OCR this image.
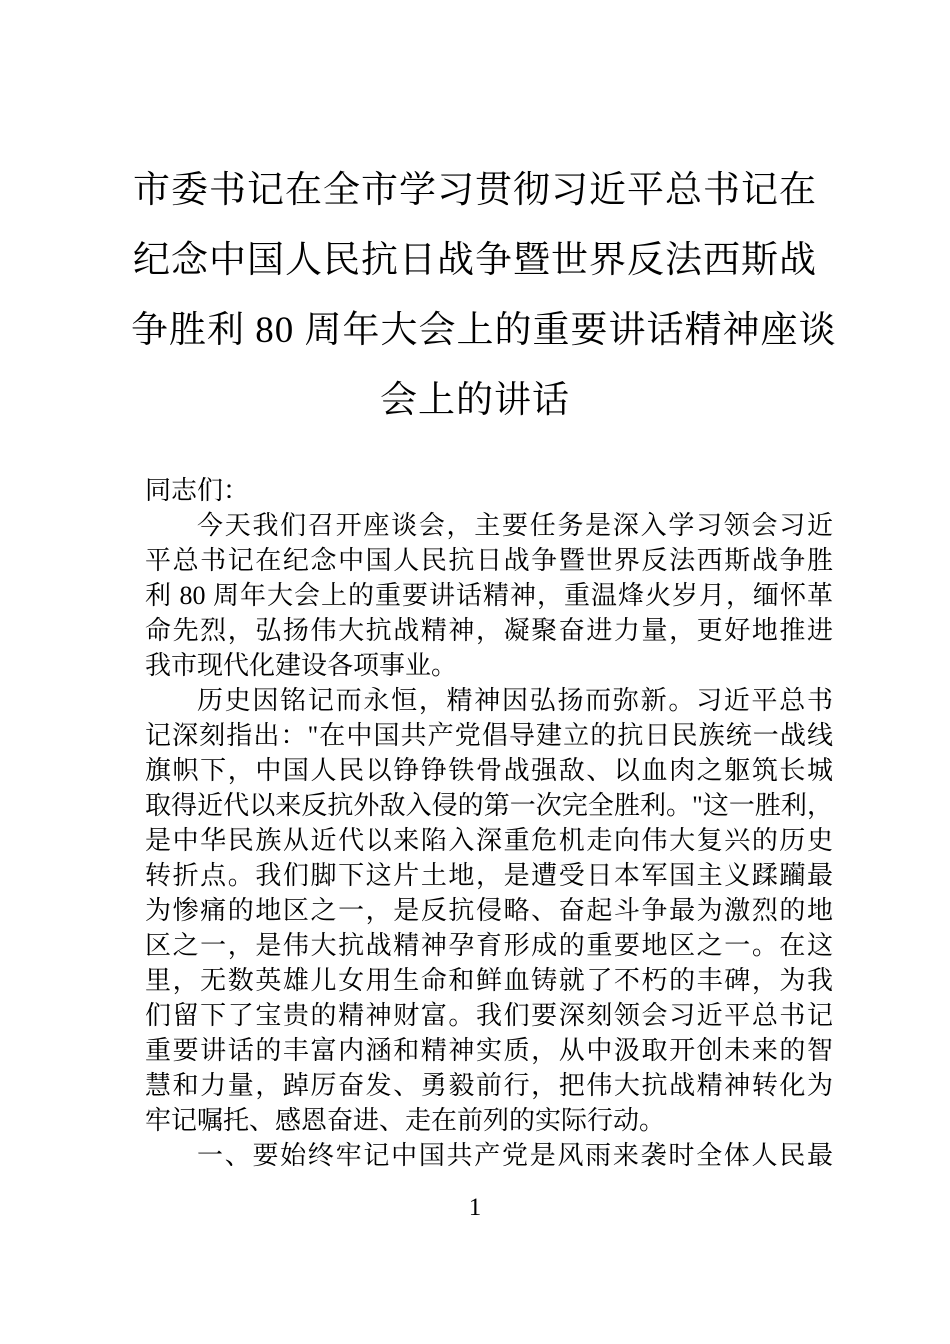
市委书记在全市学习贯彻习近平总书记在
纪念中国人民抗日战争暨世界反法西斯战
争胜利 80 周年大会上的重要讲话精神座谈
会上的讲话
同志们：
今天我们召开座谈会，主要任务是深入学习领会习近
平总书记在纪念中国人民抗日战争暨世界反法西斯战争胜
利 80 周年大会上的重要讲话精神，重温烽火岁月，缅怀革
命先烈，弘扬伟大抗战精神，凝聚奋进力量，更好地推进
我市现代化建设各项事业。
历史因铭记而永恒，精神因弘扬而弥新。习近平总书
记深刻指出："在中国共产党倡导建立的抗日民族统一战线
旗帜下，中国人民以铮铮铁骨战强敌、以血肉之躯筑长城
取得近代以来反抗外敌入侵的第一次完全胜利。"这一胜利，
是中华民族从近代以来陷入深重危机走向伟大复兴的历史
转折点。我们脚下这片土地，是遭受日本军国主义蹂躏最
为惨痛的地区之一，是反抗侵略、奋起斗争最为激烈的地
区之一，是伟大抗战精神孕育形成的重要地区之一。在这
里，无数英雄儿女用生命和鲜血铸就了不朽的丰碑，为我
们留下了宝贵的精神财富。我们要深刻领会习近平总书记
重要讲话的丰富内涵和精神实质，从中汲取开创未来的智
慧和力量，踔厉奋发、勇毅前行，把伟大抗战精神转化为
牢记嘱托、感恩奋进、走在前列的实际行动。
一、要始终牢记中国共产党是风雨来袭时全体人民最
1
